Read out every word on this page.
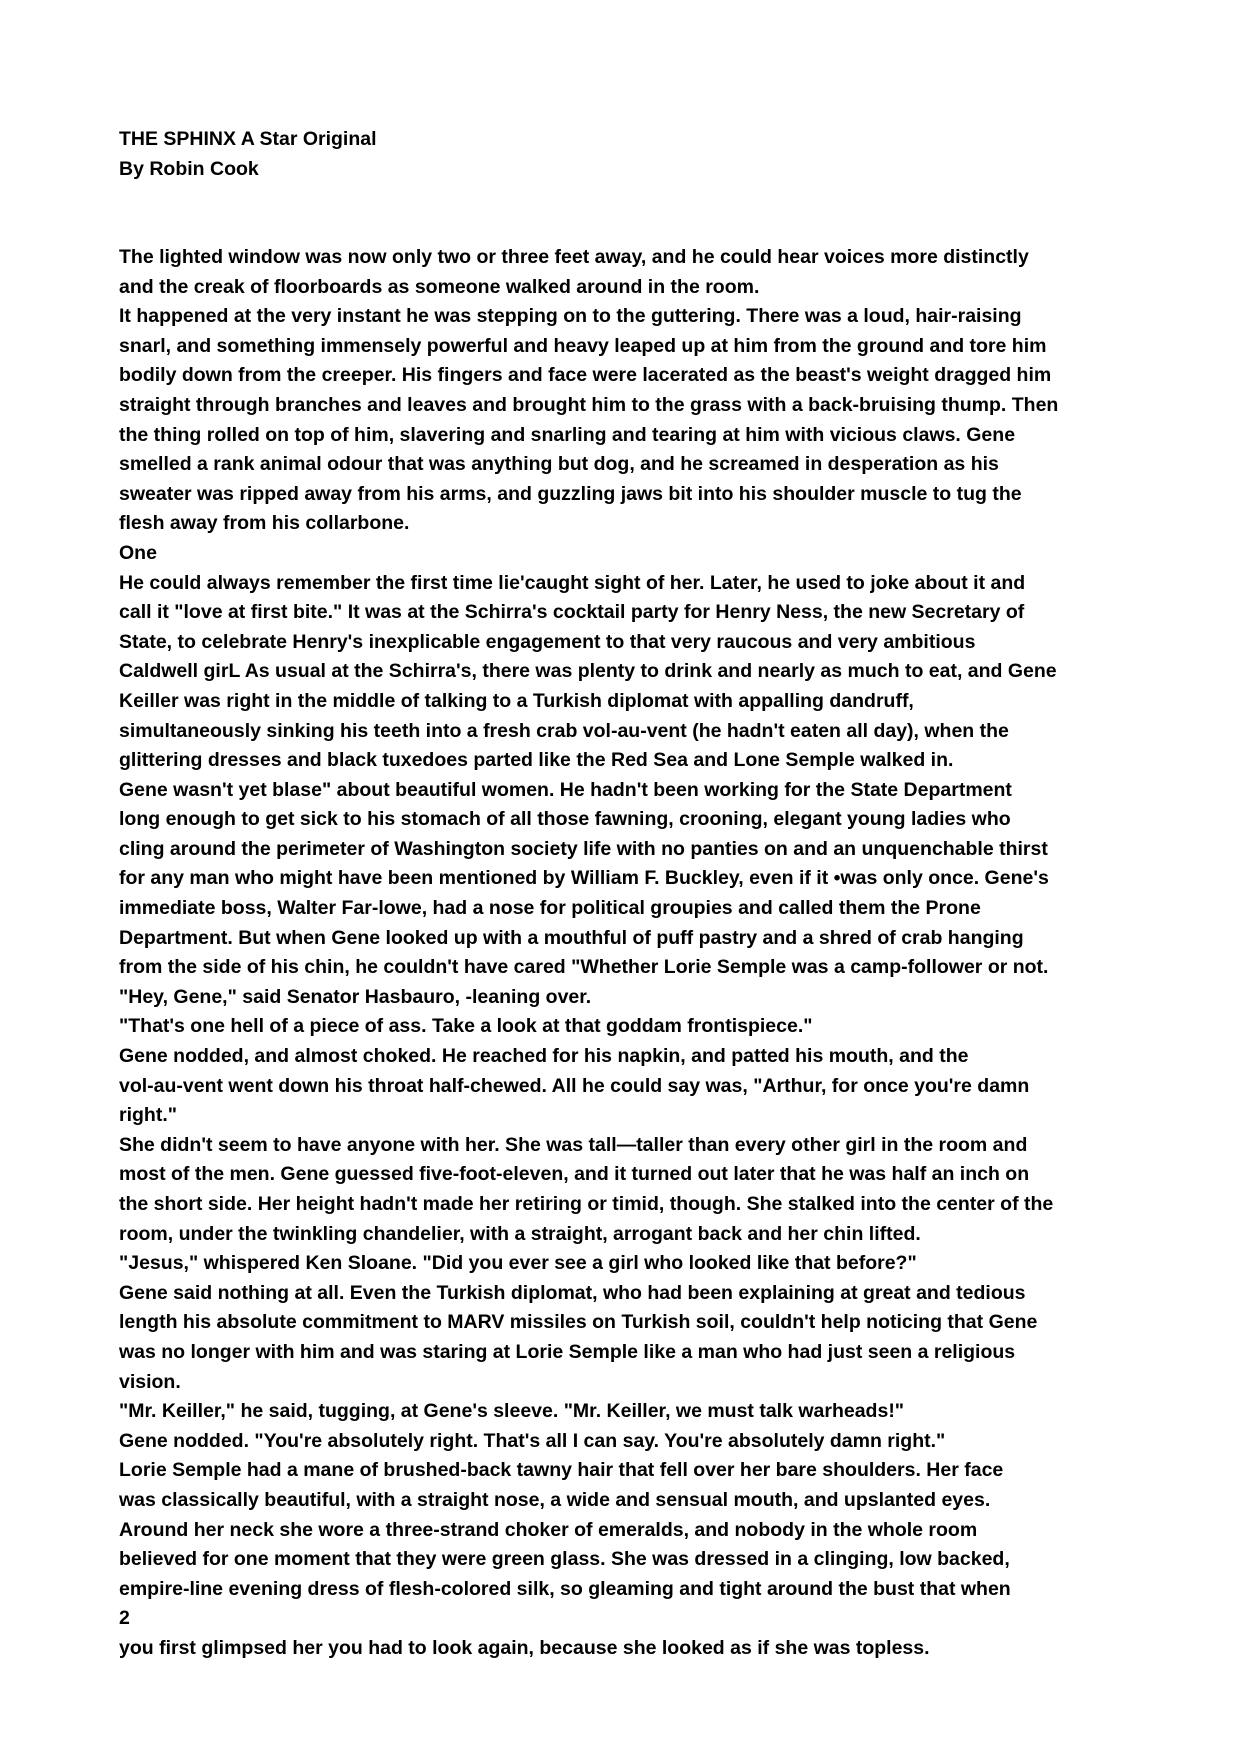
THE SPHINX A Star Original
By Robin Cook
The lighted window was now only two or three feet away, and he could hear voices more distinctly
and the creak of floorboards as someone walked around in the room.
It happened at the very instant he was stepping on to the guttering. There was a loud, hair-raising
snarl, and something immensely powerful and heavy leaped up at him from the ground and tore him
bodily down from the creeper. His fingers and face were lacerated as the beast's weight dragged him
straight through branches and leaves and brought him to the grass with a back-bruising thump. Then
the thing rolled on top of him, slavering and snarling and tearing at him with vicious claws. Gene
smelled a rank animal odour that was anything but dog, and he screamed in desperation as his
sweater was ripped away from his arms, and guzzling jaws bit into his shoulder muscle to tug the
flesh away from his collarbone.
One
He could always remember the first time lie'caught sight of her. Later, he used to joke about it and
call it "love at first bite." It was at the Schirra's cocktail party for Henry Ness, the new Secretary of
State, to celebrate Henry's inexplicable engagement to that very raucous and very ambitious
Caldwell girL As usual at the Schirra's, there was plenty to drink and nearly as much to eat, and Gene
Keiller was right in the middle of talking to a Turkish diplomat with appalling dandruff,
simultaneously sinking his teeth into a fresh crab vol-au-vent (he hadn't eaten all day), when the
glittering dresses and black tuxedoes parted like the Red Sea and Lone Semple walked in.
Gene wasn't yet blase" about beautiful women. He hadn't been working for the State Department
long enough to get sick to his stomach of all those fawning, crooning, elegant young ladies who
cling around the perimeter of Washington society life with no panties on and an unquenchable thirst
for any man who might have been mentioned by William F. Buckley, even if it •was only once. Gene's
immediate boss, Walter Far-lowe, had a nose for political groupies and called them the Prone
Department. But when Gene looked up with a mouthful of puff pastry and a shred of crab hanging
from the side of his chin, he couldn't have cared "Whether Lorie Semple was a camp-follower or not.
"Hey, Gene," said Senator Hasbauro, -leaning over.
"That's one hell of a piece of ass. Take a look at that goddam frontispiece."
Gene nodded, and almost choked. He reached for his napkin, and patted his mouth, and the
vol-au-vent went down his throat half-chewed. All he could say was, "Arthur, for once you're damn
right."
She didn't seem to have anyone with her. She was tall—taller than every other girl in the room and
most of the men. Gene guessed five-foot-eleven, and it turned out later that he was half an inch on
the short side. Her height hadn't made her retiring or timid, though. She stalked into the center of the
room, under the twinkling chandelier, with a straight, arrogant back and her chin lifted.
"Jesus," whispered Ken Sloane. "Did you ever see a girl who looked like that before?"
Gene said nothing at all. Even the Turkish diplomat, who had been explaining at great and tedious
length his absolute commitment to MARV missiles on Turkish soil, couldn't help noticing that Gene
was no longer with him and was staring at Lorie Semple like a man who had just seen a religious
vision.
"Mr. Keiller," he said, tugging, at Gene's sleeve. "Mr. Keiller, we must talk warheads!"
Gene nodded. "You're absolutely right. That's all I can say. You're absolutely damn right."
Lorie Semple had a mane of brushed-back tawny hair that fell over her bare shoulders. Her face
was classically beautiful, with a straight nose, a wide and sensual mouth, and upslanted eyes.
Around her neck she wore a three-strand choker of emeralds, and nobody in the whole room
believed for one moment that they were green glass. She was dressed in a clinging, low backed,
empire-line evening dress of flesh-colored silk, so gleaming and tight around the bust that when
2
you first glimpsed her you had to look again, because she looked as if she was topless.
